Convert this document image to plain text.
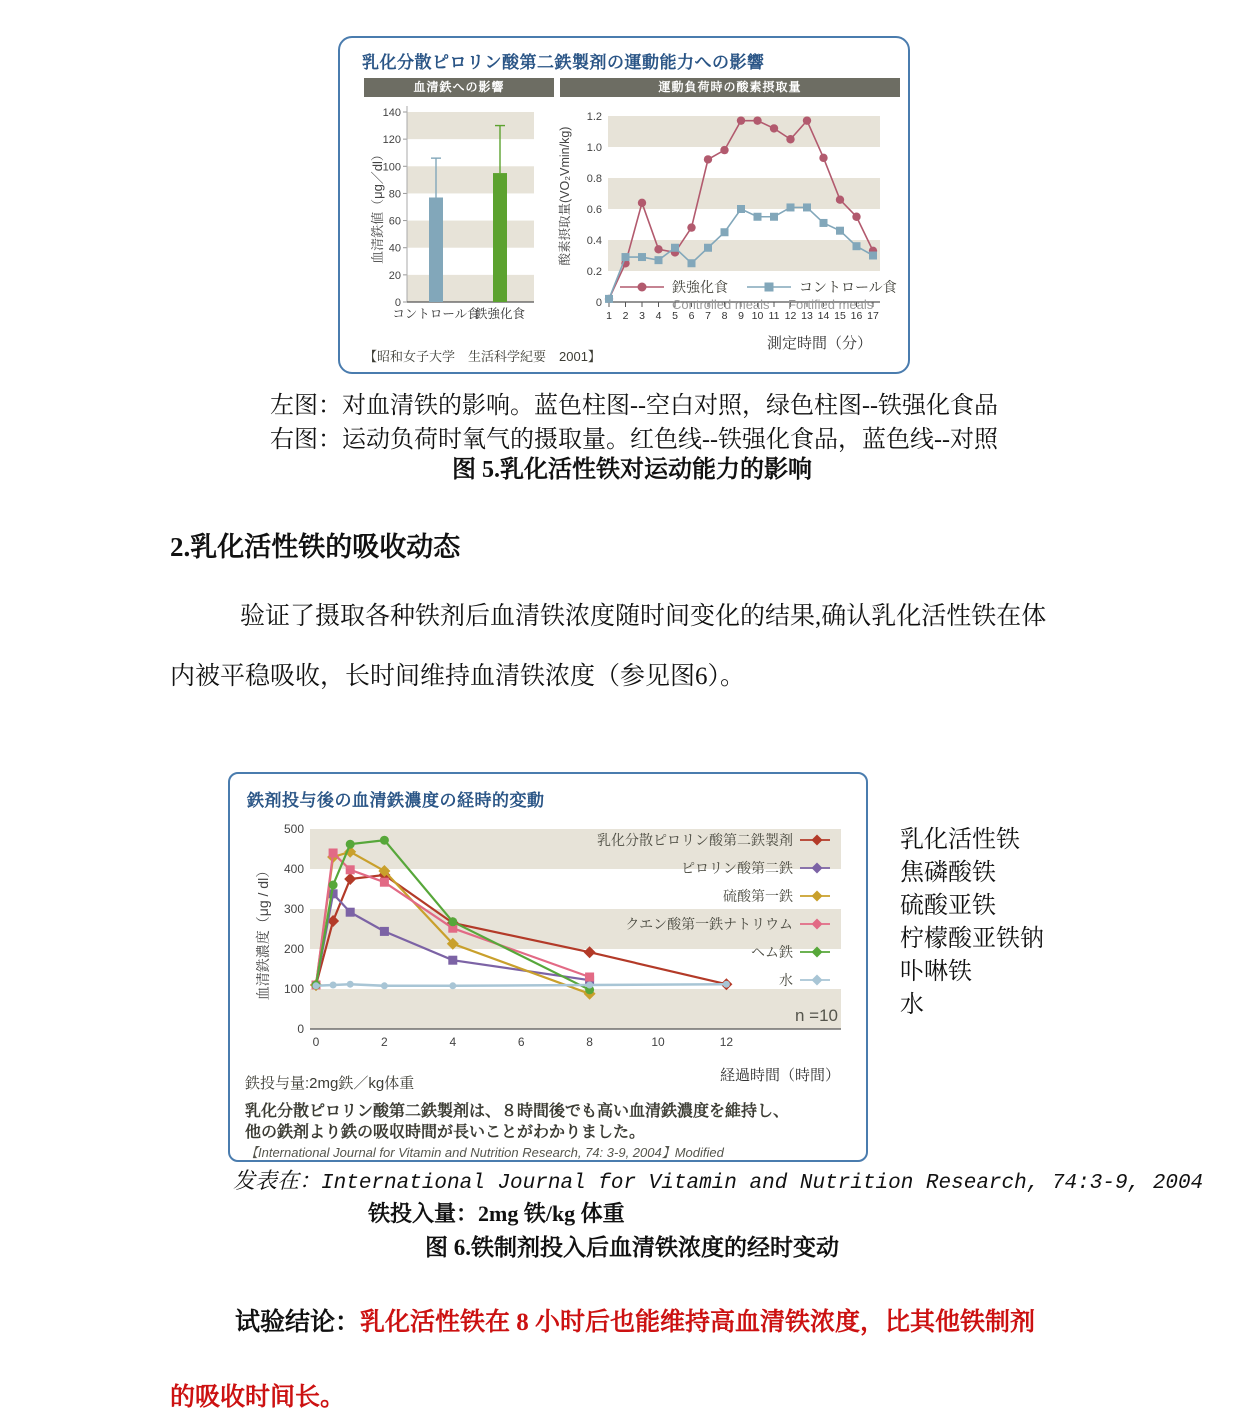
乳化分散ピロリン酸第二鉄製剤の運動能力への影響
血清鉄への影響	運動負荷時の酸素摂取量
血清鉄値（μg／dl）	酸素摂取量(VO₂Vmin/kg)
0
20
40
60
80
100
120
140
コントロール食
鉄強化食
0
0.2
0.4
0.6
0.8
1.0
1.2
1 2 3 4 5 6 7 8 9 10 11 12 13 14 15 16 17
鉄強化食
Controlled meals
コントロール食
Fortified meals
測定時間（分）
【昭和女子大学　生活科学紀要　2001】
左图：对血清铁的影响。蓝色柱图--空白对照，绿色柱图--铁强化食品
右图：运动负荷时氧气的摄取量。红色线--铁强化食品，蓝色线--对照
图 5.乳化活性铁对运动能力的影响
2.乳化活性铁的吸收动态
验证了摄取各种铁剂后血清铁浓度随时间变化的结果,确认乳化活性铁在体
内被平稳吸收，长时间维持血清铁浓度（参见图6）。
鉄剤投与後の血清鉄濃度の経時的変動
血清鉄濃度（μg / dl）
0
100
200
300
400
500
0	2	4	6	8	10	12
乳化分散ピロリン酸第二鉄製剤
ピロリン酸第二鉄
硫酸第一鉄
クエン酸第一鉄ナトリウム
ヘム鉄
水
n =10
経過時間（時間）
鉄投与量:2mg鉄／kg体重
乳化分散ピロリン酸第二鉄製剤は、８時間後でも高い血清鉄濃度を維持し、
他の鉄剤より鉄の吸収時間が長いことがわかりました。
【International Journal for Vitamin and Nutrition Research, 74: 3-9, 2004】Modified
乳化活性铁
焦磷酸铁
硫酸亚铁
柠檬酸亚铁钠
卟啉铁
水
发表在：International Journal for Vitamin and Nutrition Research, 74:3-9, 2004
铁投入量：2mg 铁/kg 体重
图 6.铁制剂投入后血清铁浓度的经时变动
试验结论：乳化活性铁在 8 小时后也能维持高血清铁浓度，比其他铁制剂
的吸收时间长。
